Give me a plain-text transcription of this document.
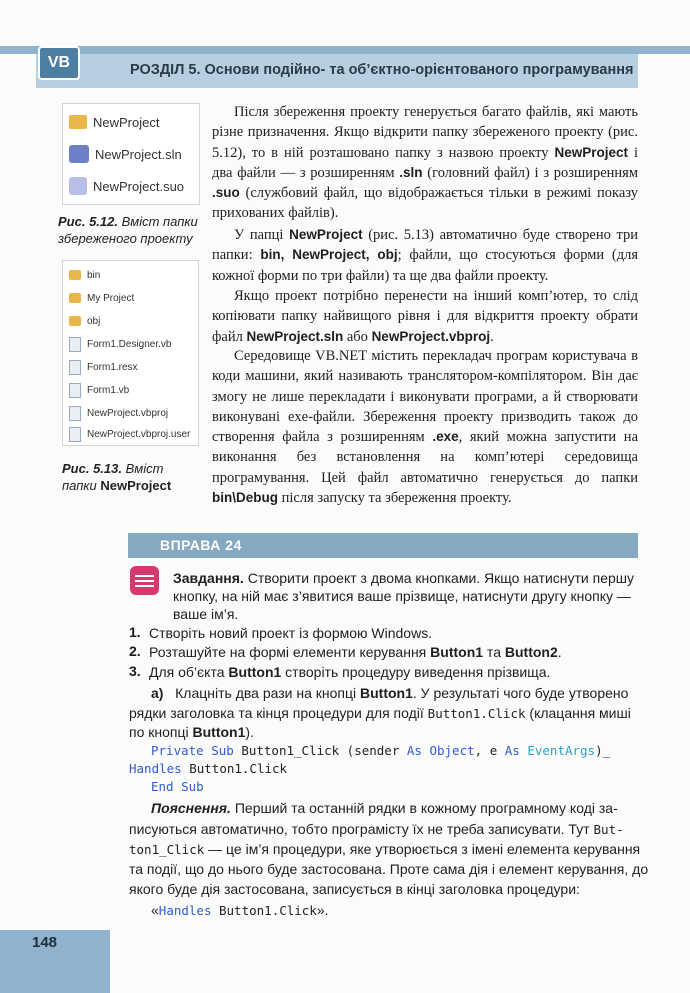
VB	РОЗДІЛ 5. Основи подійно- та об’єктно-орієнтованого програмування
NewProject
NewProject.sln
NewProject.suo
Рис. 5.12. Вміст папки
збереженого проекту
bin
My Project
obj
Form1.Designer.vb
Form1.resx
Form1.vb
NewProject.vbproj
NewProject.vbproj.user
Рис. 5.13. Вміст
папки NewProject
Після збереження проекту генерується багато файлів, які мають різне призначення. Якщо відкрити папку збереженого проекту (рис. 5.12), то в ній розташовано папку з назвою проекту NewProject і два файли — з розширенням .sln (головний файл) і з розширенням .suo (службовий файл, що відображається тільки в режимі показу прихованих файлів).
У папці NewProject (рис. 5.13) автоматично буде створено три папки: bin, NewProject, obj; файли, що стосуються форми (для кожної форми по три файли) та ще два файли проекту.
Якщо проект потрібно перенести на інший комп’ютер, то слід копіювати папку найвищого рівня і для відкриття проекту обрати файл NewProject.sln або NewProject.vbproj.
Середовище VB.NET містить перекладач програм користувача в коди машини, який називають транслятором-компілятором. Він дає змогу не лише перекладати і виконувати програми, а й створювати виконувані exe-файли. Збереження проекту призводить також до створення файла з розширенням .exe, який можна запустити на виконання без встановлення на комп’ютері середовища програмування. Цей файл автоматично генерується до папки bin\Debug після запуску та збереження проекту.
ВПРАВА 24
Завдання. Створити проект з двома кнопками. Якщо натиснути першу
кнопку, на ній має з’явитися ваше прізвище, натиснути другу кнопку —
ваше ім’я.
1. Створіть новий проект із формою Windows.
2. Розташуйте на формі елементи керування Button1 та Button2.
3. Для об’єкта Button1 створіть процедуру виведення прізвища.
а) Клацніть два рази на кнопці Button1. У результаті чого буде утворено
рядки заголовка та кінця процедури для події Button1.Click (клацання миші
по кнопці Button1).
Private Sub Button1_Click (sender As Object, e As EventArgs)_
Handles Button1.Click
End Sub
Пояснення. Перший та останній рядки в кожному програмному коді за-
писуються автоматично, тобто програмісту їх не треба записувати. Тут But-
ton1_Click — це ім’я процедури, яке утворюється з імені елемента керування
та події, що до нього буде застосована. Проте сама дія і елемент керування, до
якого буде дія застосована, записується в кінці заголовка процедури:
«Handles Button1.Click».
148
